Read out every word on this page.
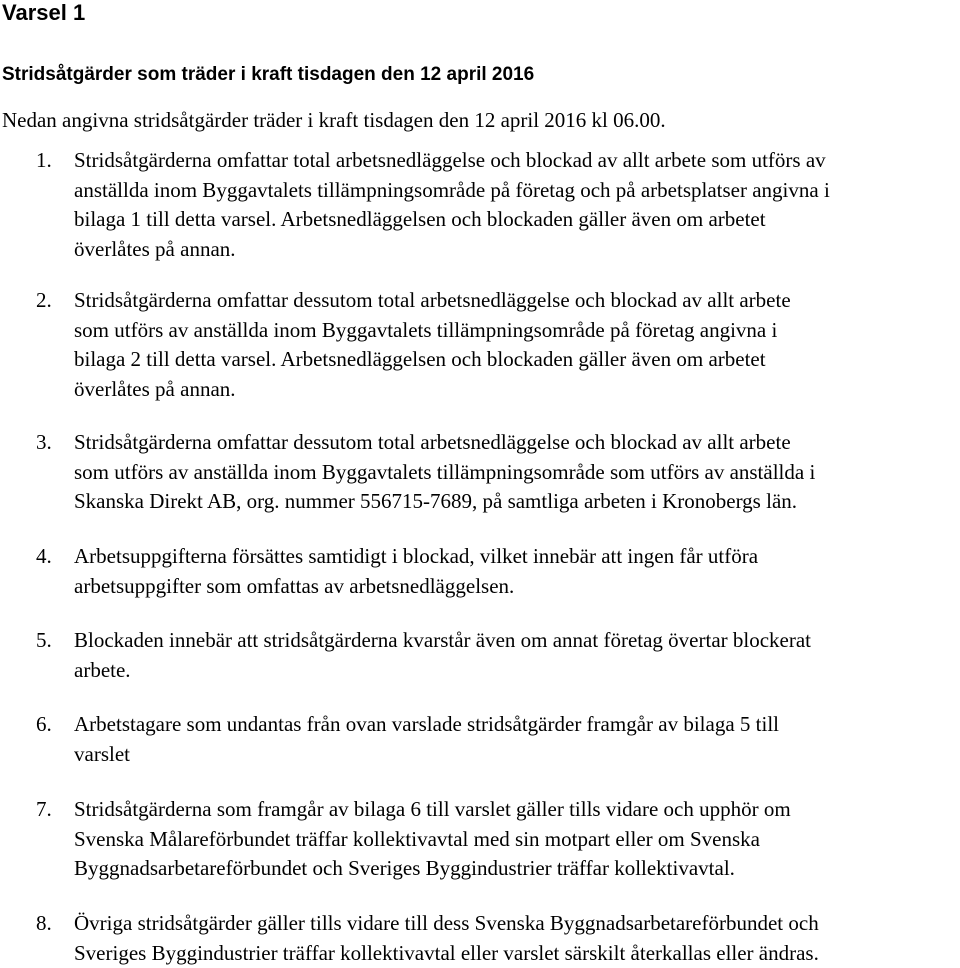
Varsel 1
Stridsåtgärder som träder i kraft tisdagen den 12 april 2016
Nedan angivna stridsåtgärder träder i kraft tisdagen den 12 april 2016 kl 06.00.
1. Stridsåtgärderna omfattar total arbetsnedläggelse och blockad av allt arbete som utförs av
anställda inom Byggavtalets tillämpningsområde på företag och på arbetsplatser angivna i
bilaga 1 till detta varsel. Arbetsnedläggelsen och blockaden gäller även om arbetet
överlåtes på annan.
2. Stridsåtgärderna omfattar dessutom total arbetsnedläggelse och blockad av allt arbete
som utförs av anställda inom Byggavtalets tillämpningsområde på företag angivna i
bilaga 2 till detta varsel. Arbetsnedläggelsen och blockaden gäller även om arbetet
överlåtes på annan.
3. Stridsåtgärderna omfattar dessutom total arbetsnedläggelse och blockad av allt arbete
som utförs av anställda inom Byggavtalets tillämpningsområde som utförs av anställda i
Skanska Direkt AB, org. nummer 556715-7689, på samtliga arbeten i Kronobergs län.
4. Arbetsuppgifterna försättes samtidigt i blockad, vilket innebär att ingen får utföra
arbetsuppgifter som omfattas av arbetsnedläggelsen.
5. Blockaden innebär att stridsåtgärderna kvarstår även om annat företag övertar blockerat
arbete.
6. Arbetstagare som undantas från ovan varslade stridsåtgärder framgår av bilaga 5 till
varslet
7. Stridsåtgärderna som framgår av bilaga 6 till varslet gäller tills vidare och upphör om
Svenska Målareförbundet träffar kollektivavtal med sin motpart eller om Svenska
Byggnadsarbetareförbundet och Sveriges Byggindustrier träffar kollektivavtal.
8. Övriga stridsåtgärder gäller tills vidare till dess Svenska Byggnadsarbetareförbundet och
Sveriges Byggindustrier träffar kollektivavtal eller varslet särskilt återkallas eller ändras.
